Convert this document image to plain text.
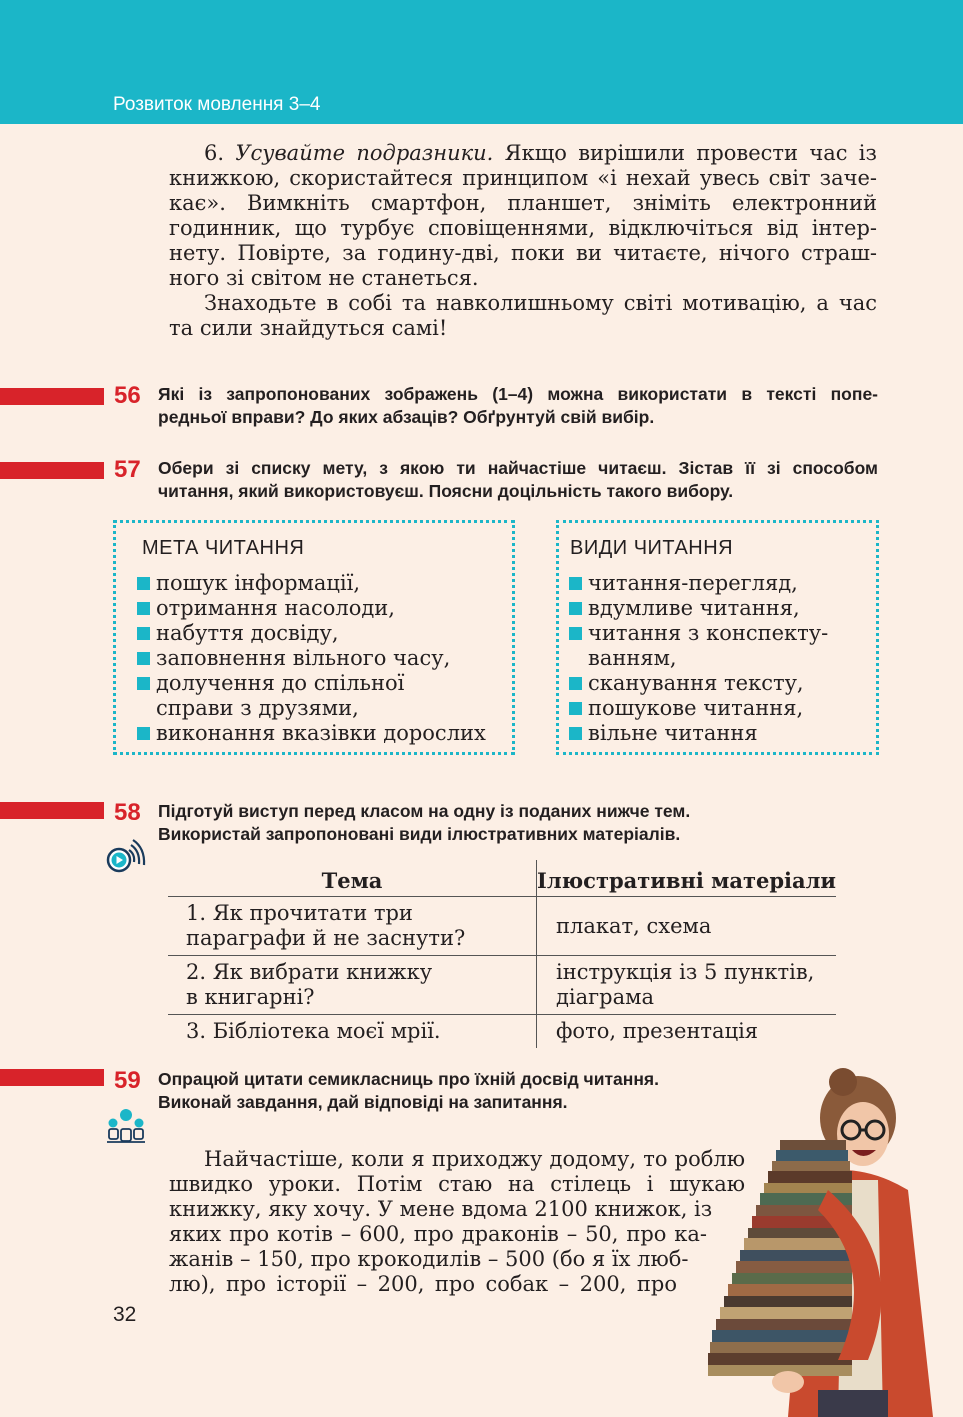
Розвиток мовлення 3–4
6. Усувайте подразники. Якщо вирішили провести час із
книжкою, скористайтеся принципом «і нехай увесь світ заче-
кає». Вимкніть смартфон, планшет, зніміть електронний
годинник, що турбує сповіщеннями, відключіться від інтер-
нету. Повірте, за годину-дві, поки ви читаєте, нічого страш-
ного зі світом не станеться.
Знаходьте в собі та навколишньому світі мотивацію, а час
та сили знайдуться самі!
56 Які із запропонованих зображень (1–4) можна використати в тексті попе-
редньої вправи? До яких абзаців? Обґрунтуй свій вибір.
57 Обери зі списку мету, з якою ти найчастіше читаєш. Зістав її зі способом
читання, який використовуєш. Поясни доцільність такого вибору.
МЕТА ЧИТАННЯ
пошук інформації,
отримання насолоди,
набуття досвіду,
заповнення вільного часу,
долучення до спільної
справи з друзями,
виконання вказівки дорослих
ВИДИ ЧИТАННЯ
читання-перегляд,
вдумливе читання,
читання з конспекту-
ванням,
сканування тексту,
пошукове читання,
вільне читання
58 Підготуй виступ перед класом на одну із поданих нижче тем.
Використай запропоновані види ілюстративних матеріалів.
Тема	Ілюстративні матеріали

1. Як прочитати три
параграфи й не заснути?	плакат, схема

2. Як вибрати книжку
в книгарні?	інструкція із 5 пунктів,
діаграма

3. Бібліотека моєї мрії.	фото, презентація
59 Опрацюй цитати семикласниць про їхній досвід читання.
Виконай завдання, дай відповіді на запитання.
Найчастіше, коли я приходжу додому, то роблю
швидко уроки. Потім стаю на стілець і шукаю
книжку, яку хочу. У мене вдома 2100 книжок, із
яких про котів – 600, про драконів – 50, про ка-
жанів – 150, про крокодилів – 500 (бо я їх люб-
лю), про історії – 200, про собак – 200, про
32
